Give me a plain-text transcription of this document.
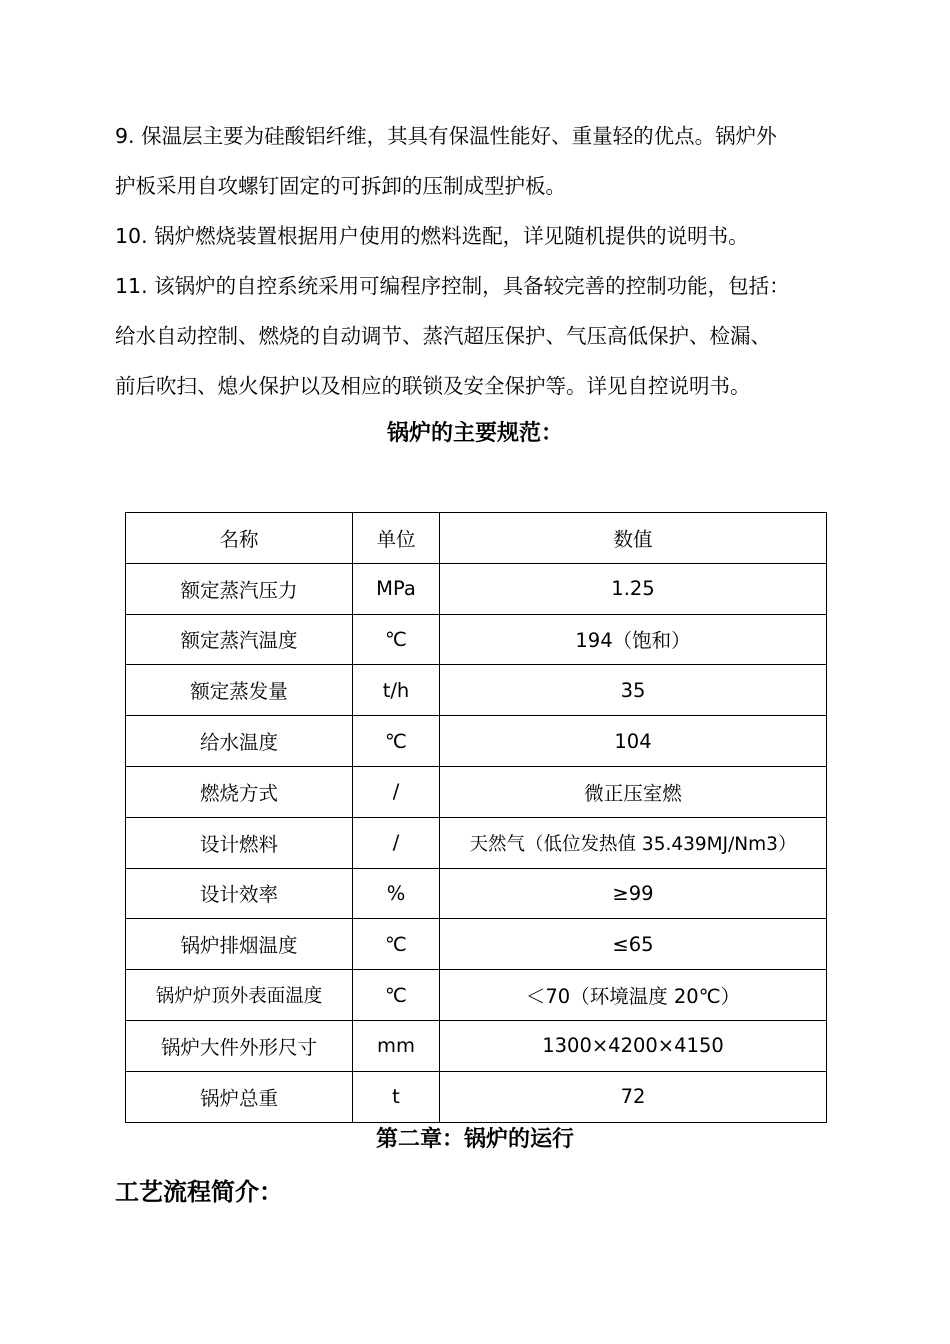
9. 保温层主要为硅酸铝纤维，其具有保温性能好、重量轻的优点。锅炉外

护板采用自攻螺钉固定的可拆卸的压制成型护板。

10. 锅炉燃烧装置根据用户使用的燃料选配，详见随机提供的说明书。

11. 该锅炉的自控系统采用可编程序控制，具备较完善的控制功能，包括：

给水自动控制、燃烧的自动调节、蒸汽超压保护、气压高低保护、检漏、

前后吹扫、熄火保护以及相应的联锁及安全保护等。详见自控说明书。

锅炉的主要规范：
名称	单位	数值
额定蒸汽压力	MPa	1.25
额定蒸汽温度	℃	194（饱和）
额定蒸发量	t/h	35
给水温度	℃	104
燃烧方式	/	微正压室燃
设计燃料	/	天然气（低位发热值 35.439MJ/Nm3）
设计效率	%	≥99
锅炉排烟温度	℃	≤65
锅炉炉顶外表面温度	℃	＜70（环境温度 20℃）
锅炉大件外形尺寸	mm	1300×4200×4150
锅炉总重	t	72
第二章：锅炉的运行
工艺流程简介：
